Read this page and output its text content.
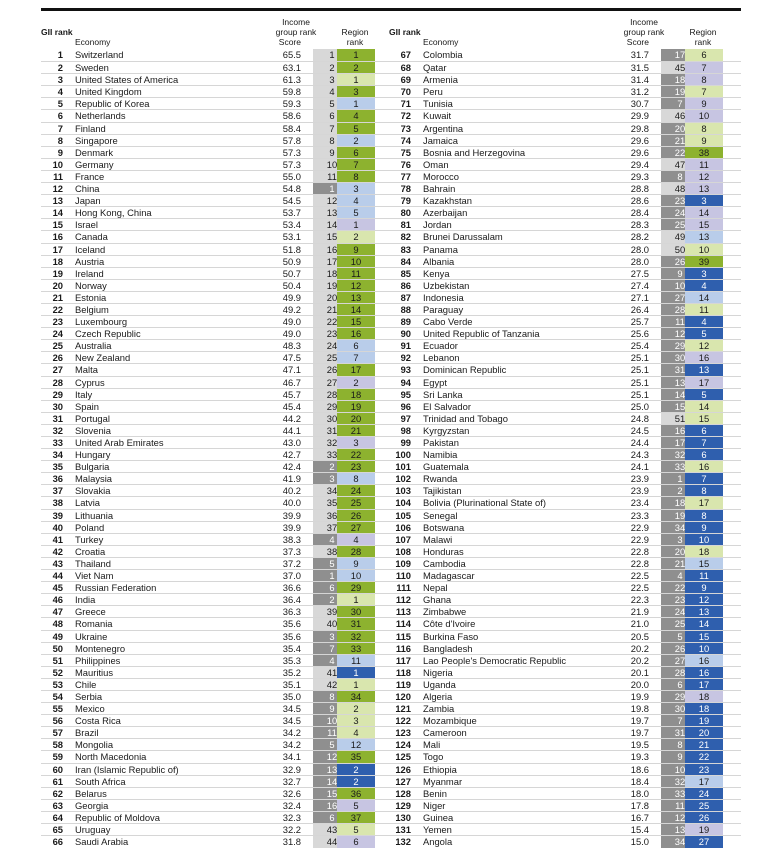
GII rank
Economy	Score
Income group rank	Region rank
1 Switzerland	65.5	1	1
2 Sweden	63.1	2	2
3 United States of America	61.3	3	1
4 United Kingdom	59.8	4	3
5 Republic of Korea	59.3	5	1
6 Netherlands	58.6	6	4
7 Finland	58.4	7	5
8 Singapore	57.8	8	2
9 Denmark	57.3	9	6
10 Germany	57.3	10	7
11 France	55.0	11	8
12 China	54.8	1	3
13 Japan	54.5	12	4
14 Hong Kong, China	53.7	13	5
15 Israel	53.4	14	1
16 Canada	53.1	15	2
17 Iceland	51.8	16	9
18 Austria	50.9	17	10
19 Ireland	50.7	18	11
20 Norway	50.4	19	12
21 Estonia	49.9	20	13
22 Belgium	49.2	21	14
23 Luxembourg	49.0	22	15
24 Czech Republic	49.0	23	16
25 Australia	48.3	24	6
26 New Zealand	47.5	25	7
27 Malta	47.1	26	17
28 Cyprus	46.7	27	2
29 Italy	45.7	28	18
30 Spain	45.4	29	19
31 Portugal	44.2	30	20
32 Slovenia	44.1	31	21
33 United Arab Emirates	43.0	32	3
34 Hungary	42.7	33	22
35 Bulgaria	42.4	2	23
36 Malaysia	41.9	3	8
37 Slovakia	40.2	34	24
38 Latvia	40.0	35	25
39 Lithuania	39.9	36	26
40 Poland	39.9	37	27
41 Turkey	38.3	4	4
42 Croatia	37.3	38	28
43 Thailand	37.2	5	9
44 Viet Nam	37.0	1	10
45 Russian Federation	36.6	6	29
46 India	36.4	2	1
47 Greece	36.3	39	30
48 Romania	35.6	40	31
49 Ukraine	35.6	3	32
50 Montenegro	35.4	7	33
51 Philippines	35.3	4	11
52 Mauritius	35.2	41	1
53 Chile	35.1	42	1
54 Serbia	35.0	8	34
55 Mexico	34.5	9	2
56 Costa Rica	34.5	10	3
57 Brazil	34.2	11	4
58 Mongolia	34.2	5	12
59 North Macedonia	34.1	12	35
60 Iran (Islamic Republic of)	32.9	13	2
61 South Africa	32.7	14	2
62 Belarus	32.6	15	36
63 Georgia	32.4	16	5
64 Republic of Moldova	32.3	6	37
65 Uruguay	32.2	43	5
66 Saudi Arabia	31.8	44	6
GII rank
Economy	Score
Income group rank	Region rank
67 Colombia	31.7	17	6
68 Qatar	31.5	45	7
69 Armenia	31.4	18	8
70 Peru	31.2	19	7
71 Tunisia	30.7	7	9
72 Kuwait	29.9	46	10
73 Argentina	29.8	20	8
74 Jamaica	29.6	21	9
75 Bosnia and Herzegovina	29.6	22	38
76 Oman	29.4	47	11
77 Morocco	29.3	8	12
78 Bahrain	28.8	48	13
79 Kazakhstan	28.6	23	3
80 Azerbaijan	28.4	24	14
81 Jordan	28.3	25	15
82 Brunei Darussalam	28.2	49	13
83 Panama	28.0	50	10
84 Albania	28.0	26	39
85 Kenya	27.5	9	3
86 Uzbekistan	27.4	10	4
87 Indonesia	27.1	27	14
88 Paraguay	26.4	28	11
89 Cabo Verde	25.7	11	4
90 United Republic of Tanzania	25.6	12	5
91 Ecuador	25.4	29	12
92 Lebanon	25.1	30	16
93 Dominican Republic	25.1	31	13
94 Egypt	25.1	13	17
95 Sri Lanka	25.1	14	5
96 El Salvador	25.0	15	14
97 Trinidad and Tobago	24.8	51	15
98 Kyrgyzstan	24.5	16	6
99 Pakistan	24.4	17	7
100 Namibia	24.3	32	6
101 Guatemala	24.1	33	16
102 Rwanda	23.9	1	7
103 Tajikistan	23.9	2	8
104 Bolivia (Plurinational State of)	23.4	18	17
105 Senegal	23.3	19	8
106 Botswana	22.9	34	9
107 Malawi	22.9	3	10
108 Honduras	22.8	20	18
109 Cambodia	22.8	21	15
110 Madagascar	22.5	4	11
111 Nepal	22.5	22	9
112 Ghana	22.3	23	12
113 Zimbabwe	21.9	24	13
114 Côte d'Ivoire	21.0	25	14
115 Burkina Faso	20.5	5	15
116 Bangladesh	20.2	26	10
117 Lao People's Democratic Republic	20.2	27	16
118 Nigeria	20.1	28	16
119 Uganda	20.0	6	17
120 Algeria	19.9	29	18
121 Zambia	19.8	30	18
122 Mozambique	19.7	7	19
123 Cameroon	19.7	31	20
124 Mali	19.5	8	21
125 Togo	19.3	9	22
126 Ethiopia	18.6	10	23
127 Myanmar	18.4	32	17
128 Benin	18.0	33	24
129 Niger	17.8	11	25
130 Guinea	16.7	12	26
131 Yemen	15.4	13	19
132 Angola	15.0	34	27
